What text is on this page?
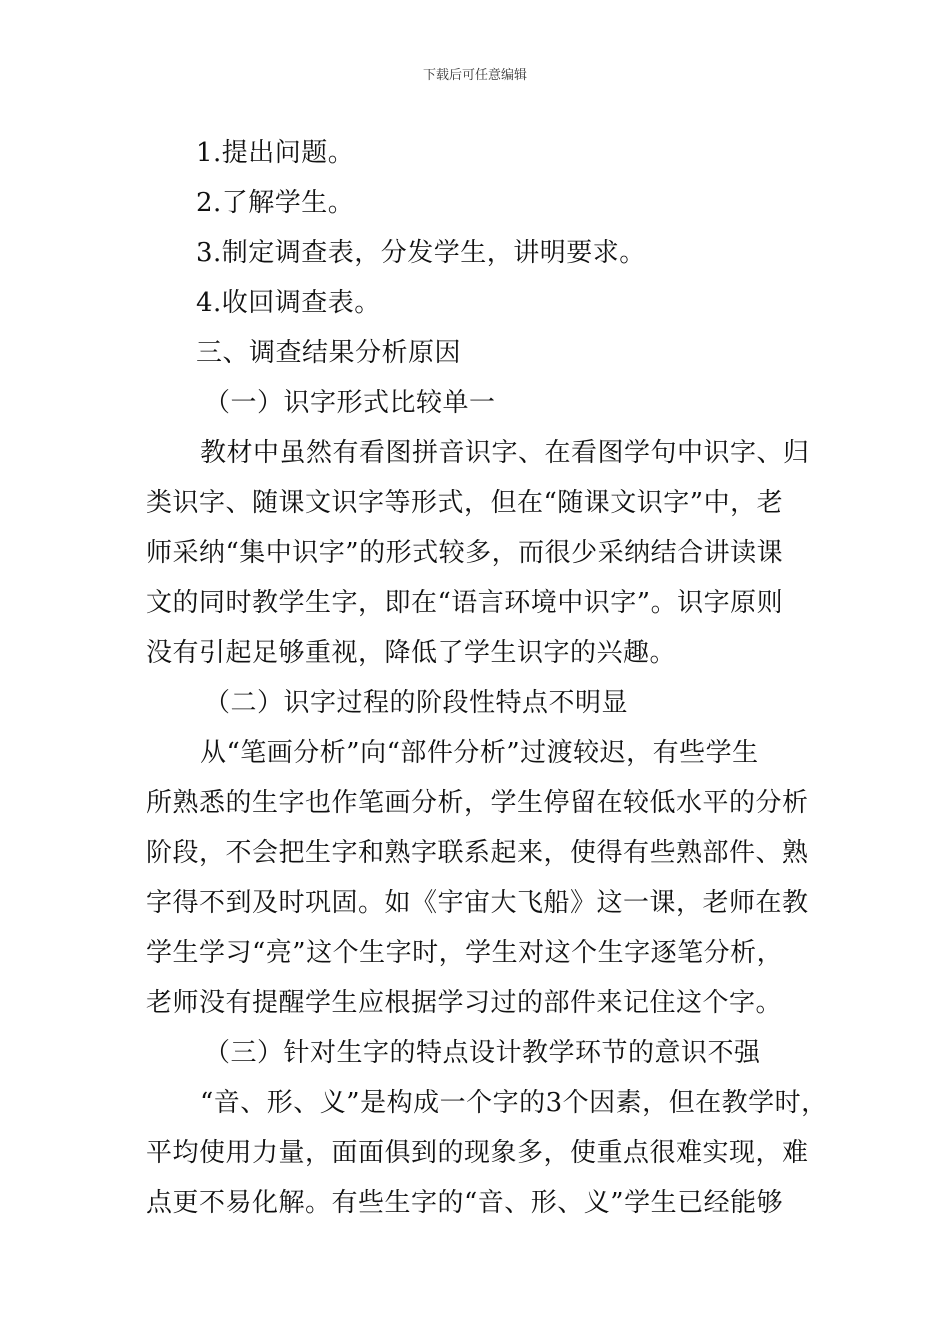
下载后可任意编辑
1.提出问题。
2.了解学生。
3.制定调查表，分发学生，讲明要求。
4.收回调查表。
三、调查结果分析原因
（一）识字形式比较单一
教材中虽然有看图拼音识字、在看图学句中识字、归
类识字、随课文识字等形式，但在“随课文识字”中，老
师采纳“集中识字”的形式较多，而很少采纳结合讲读课
文的同时教学生字，即在“语言环境中识字”。识字原则
没有引起足够重视，降低了学生识字的兴趣。
（二）识字过程的阶段性特点不明显
从“笔画分析”向“部件分析”过渡较迟，有些学生
所熟悉的生字也作笔画分析，学生停留在较低水平的分析
阶段，不会把生字和熟字联系起来，使得有些熟部件、熟
字得不到及时巩固。如《宇宙大飞船》这一课，老师在教
学生学习“亮”这个生字时，学生对这个生字逐笔分析，
老师没有提醒学生应根据学习过的部件来记住这个字。
（三）针对生字的特点设计教学环节的意识不强
“音、形、义”是构成一个字的3个因素，但在教学时，
平均使用力量，面面俱到的现象多，使重点很难实现，难
点更不易化解。有些生字的“音、形、义”学生已经能够
